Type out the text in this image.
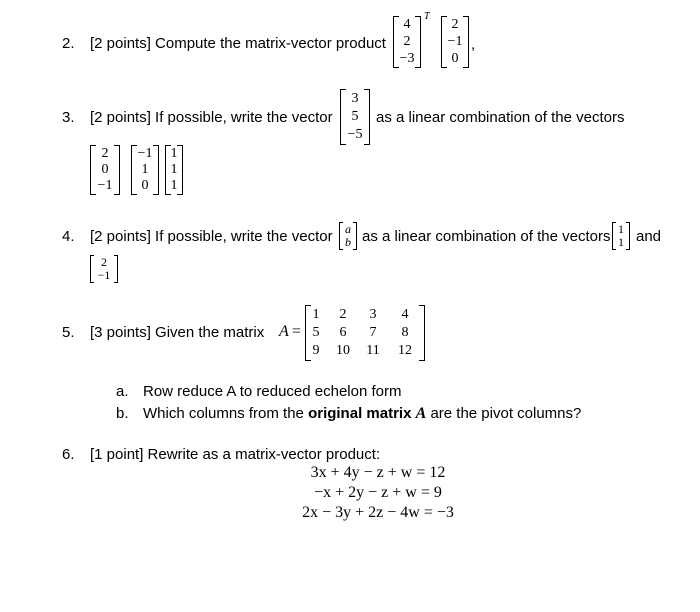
2. [2 points] Compute the matrix-vector product
4
2
−3
T
2
−1
0
,
3. [2 points] If possible, write the vector
3
5
−5
as a linear combination of the vectors
2
0
−1
−1
1
0
1
1
1
4. [2 points] If possible, write the vector	a
b as a linear combination of the vectors 1
1 and
2
−1
5. [3 points] Given the matrix A =
1	2	3	4
5	6	7	8
9	10	11	12
a. Row reduce A to reduced echelon form
b. Which columns from the original matrix A are the pivot columns?
6. [1 point] Rewrite as a matrix-vector product:
3x + 4y − z + w = 12
−x + 2y − z + w = 9
2x − 3y + 2z − 4w = −3
